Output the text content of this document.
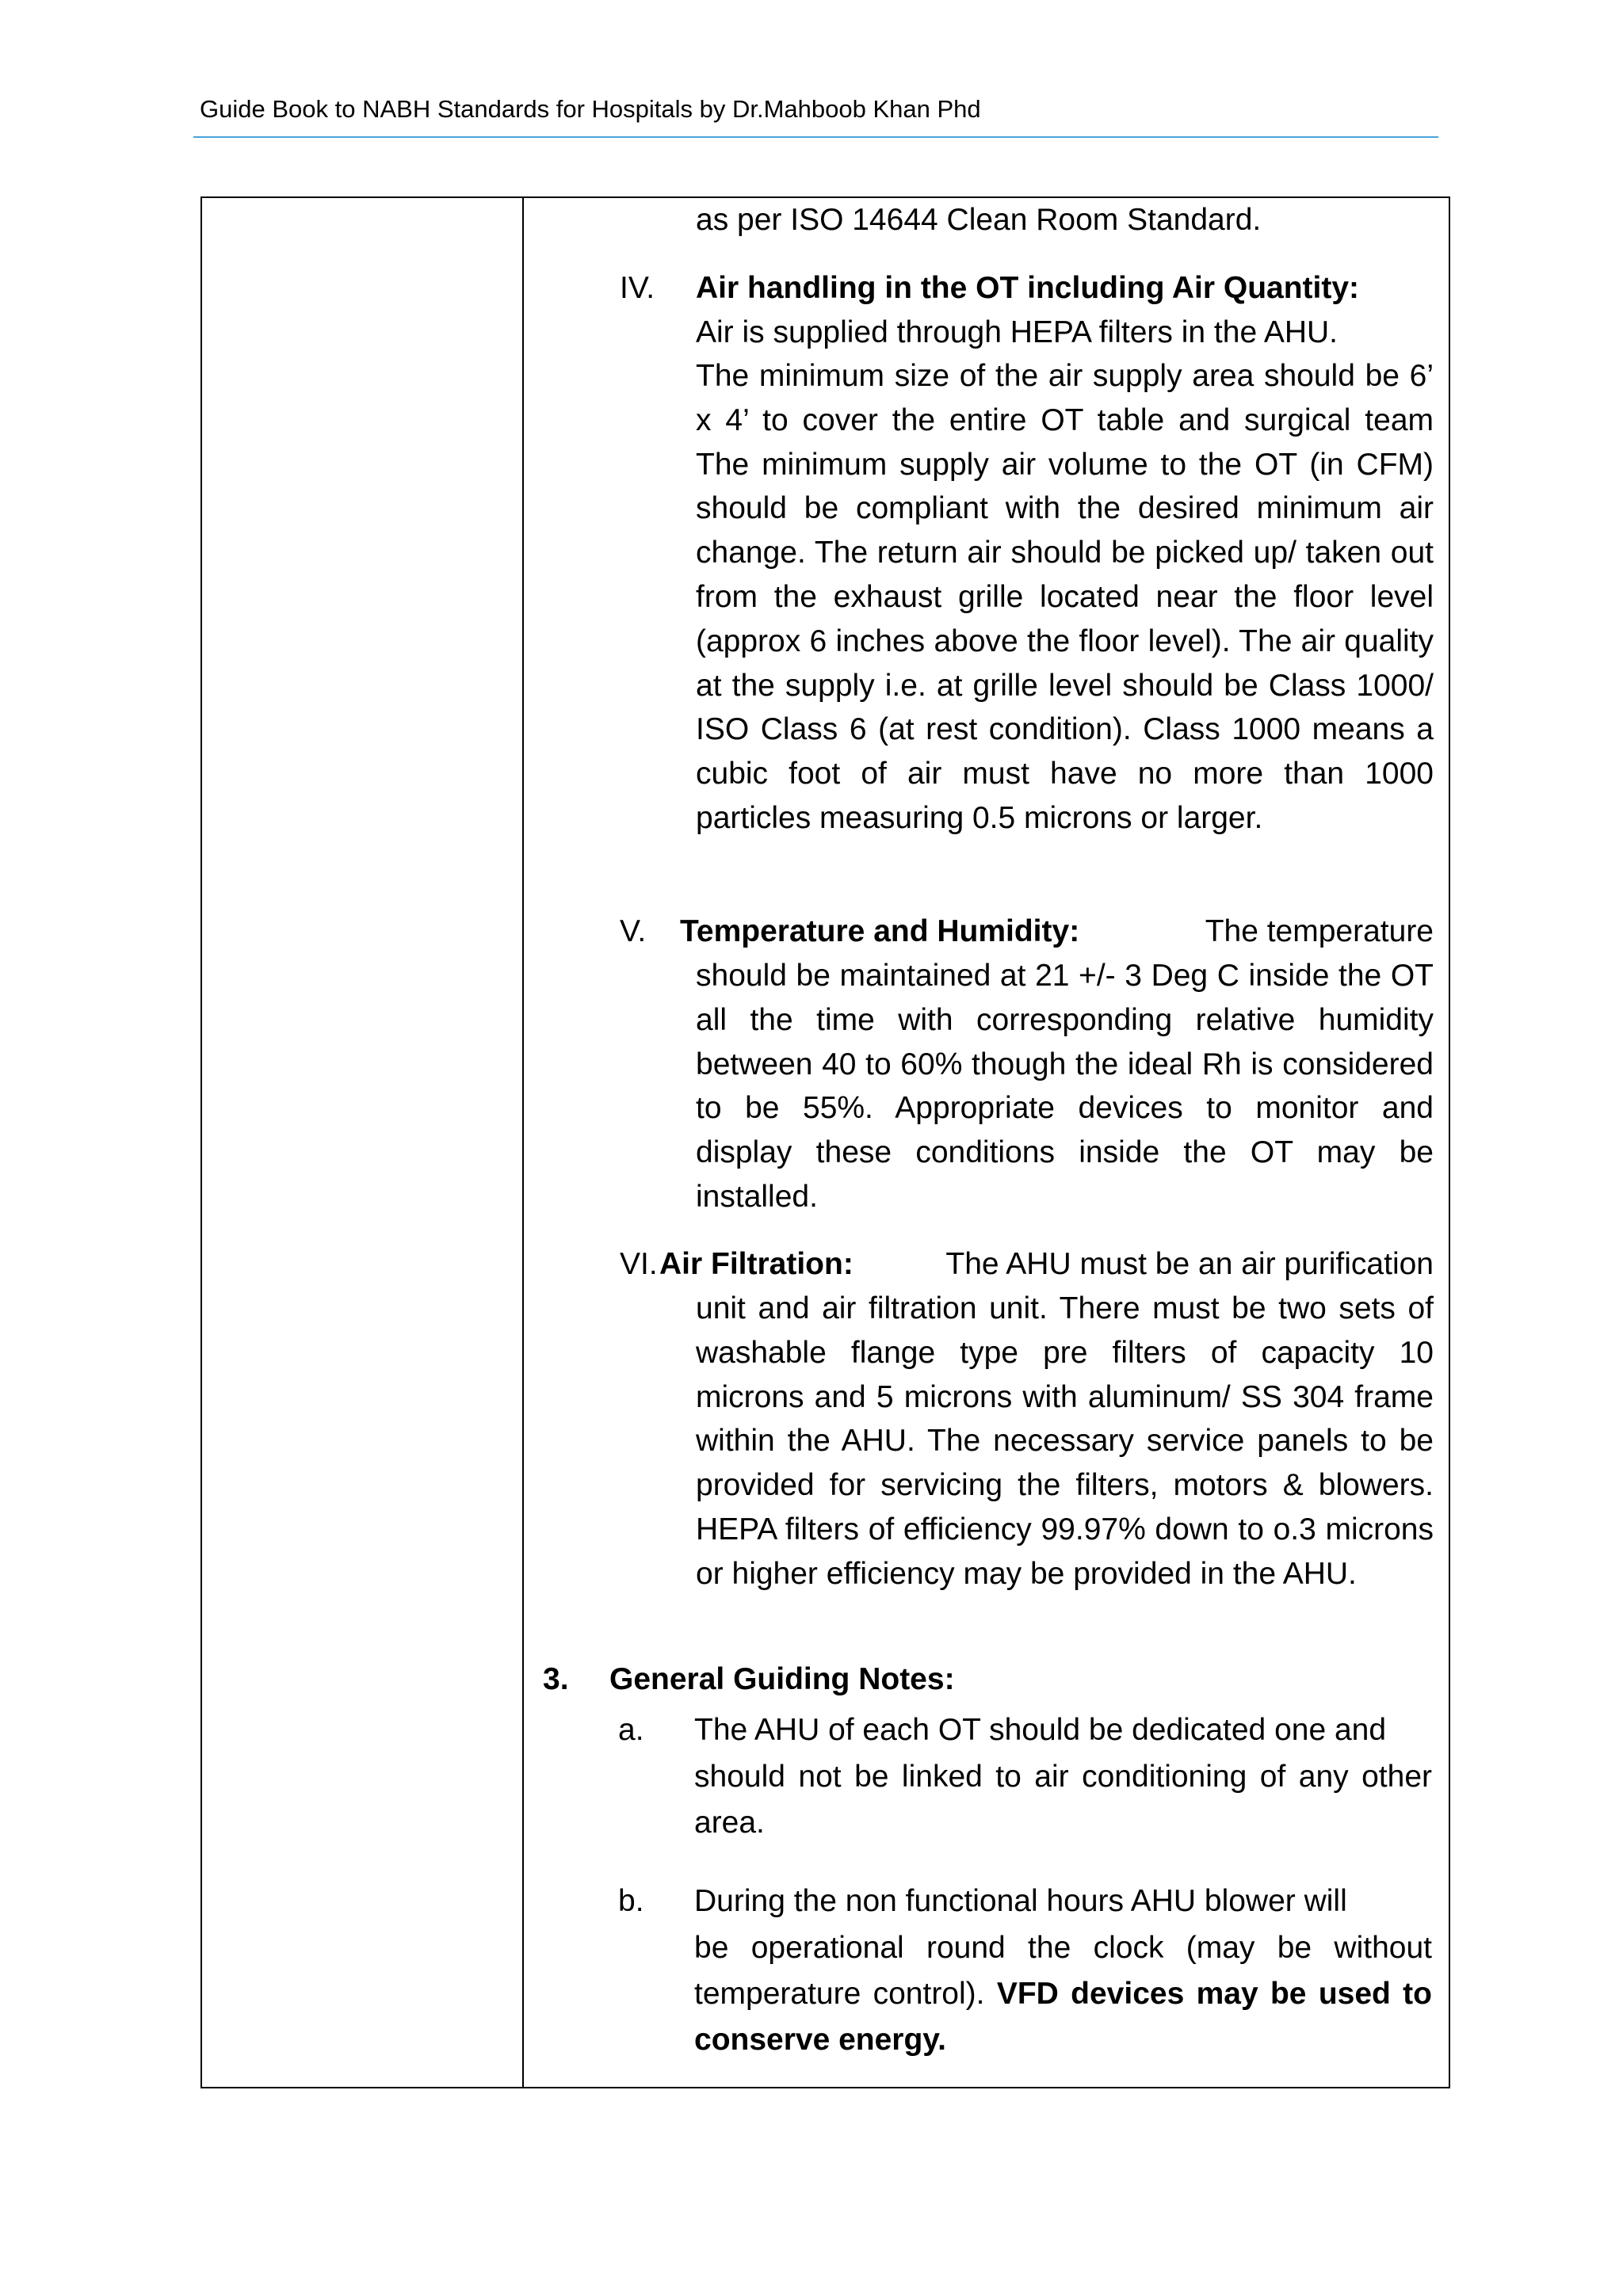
Guide Book to NABH Standards for Hospitals by Dr.Mahboob Khan Phd
as per ISO 14644 Clean Room Standard.
IV. Air handling in the OT including Air Quantity:
Air is supplied through HEPA filters in the AHU.
The minimum size of the air supply area should be 6’ x 4’ to cover the entire OT table and surgical team The minimum supply air volume to the OT (in CFM) should be compliant with the desired minimum air change. The return air should be picked up/ taken out from the exhaust grille located near the floor level (approx 6 inches above the floor level). The air quality at the supply i.e. at grille level should be Class 1000/ ISO Class 6 (at rest condition). Class 1000 means a cubic foot of air must have no more than 1000 particles measuring 0.5 microns or larger.
V. Temperature and Humidity:	The temperature
should be maintained at 21 +/- 3 Deg C inside the OT all the time with corresponding relative humidity between 40 to 60% though the ideal Rh is considered to be 55%. Appropriate devices to monitor and display these conditions inside the OT may be installed.
VI.Air Filtration:	The AHU must be an air purification
unit and air filtration unit. There must be two sets of washable flange type pre filters of capacity 10 microns and 5 microns with aluminum/ SS 304 frame within the AHU. The necessary service panels to be provided for servicing the filters, motors & blowers. HEPA filters of efficiency 99.97% down to o.3 microns or higher efficiency may be provided in the AHU.
3. General Guiding Notes:
a. The AHU of each OT should be dedicated one and
should not be linked to air conditioning of any other area.
b. During the non functional hours AHU blower will
be operational round the clock (may be without temperature control). VFD devices may be used to conserve energy.
